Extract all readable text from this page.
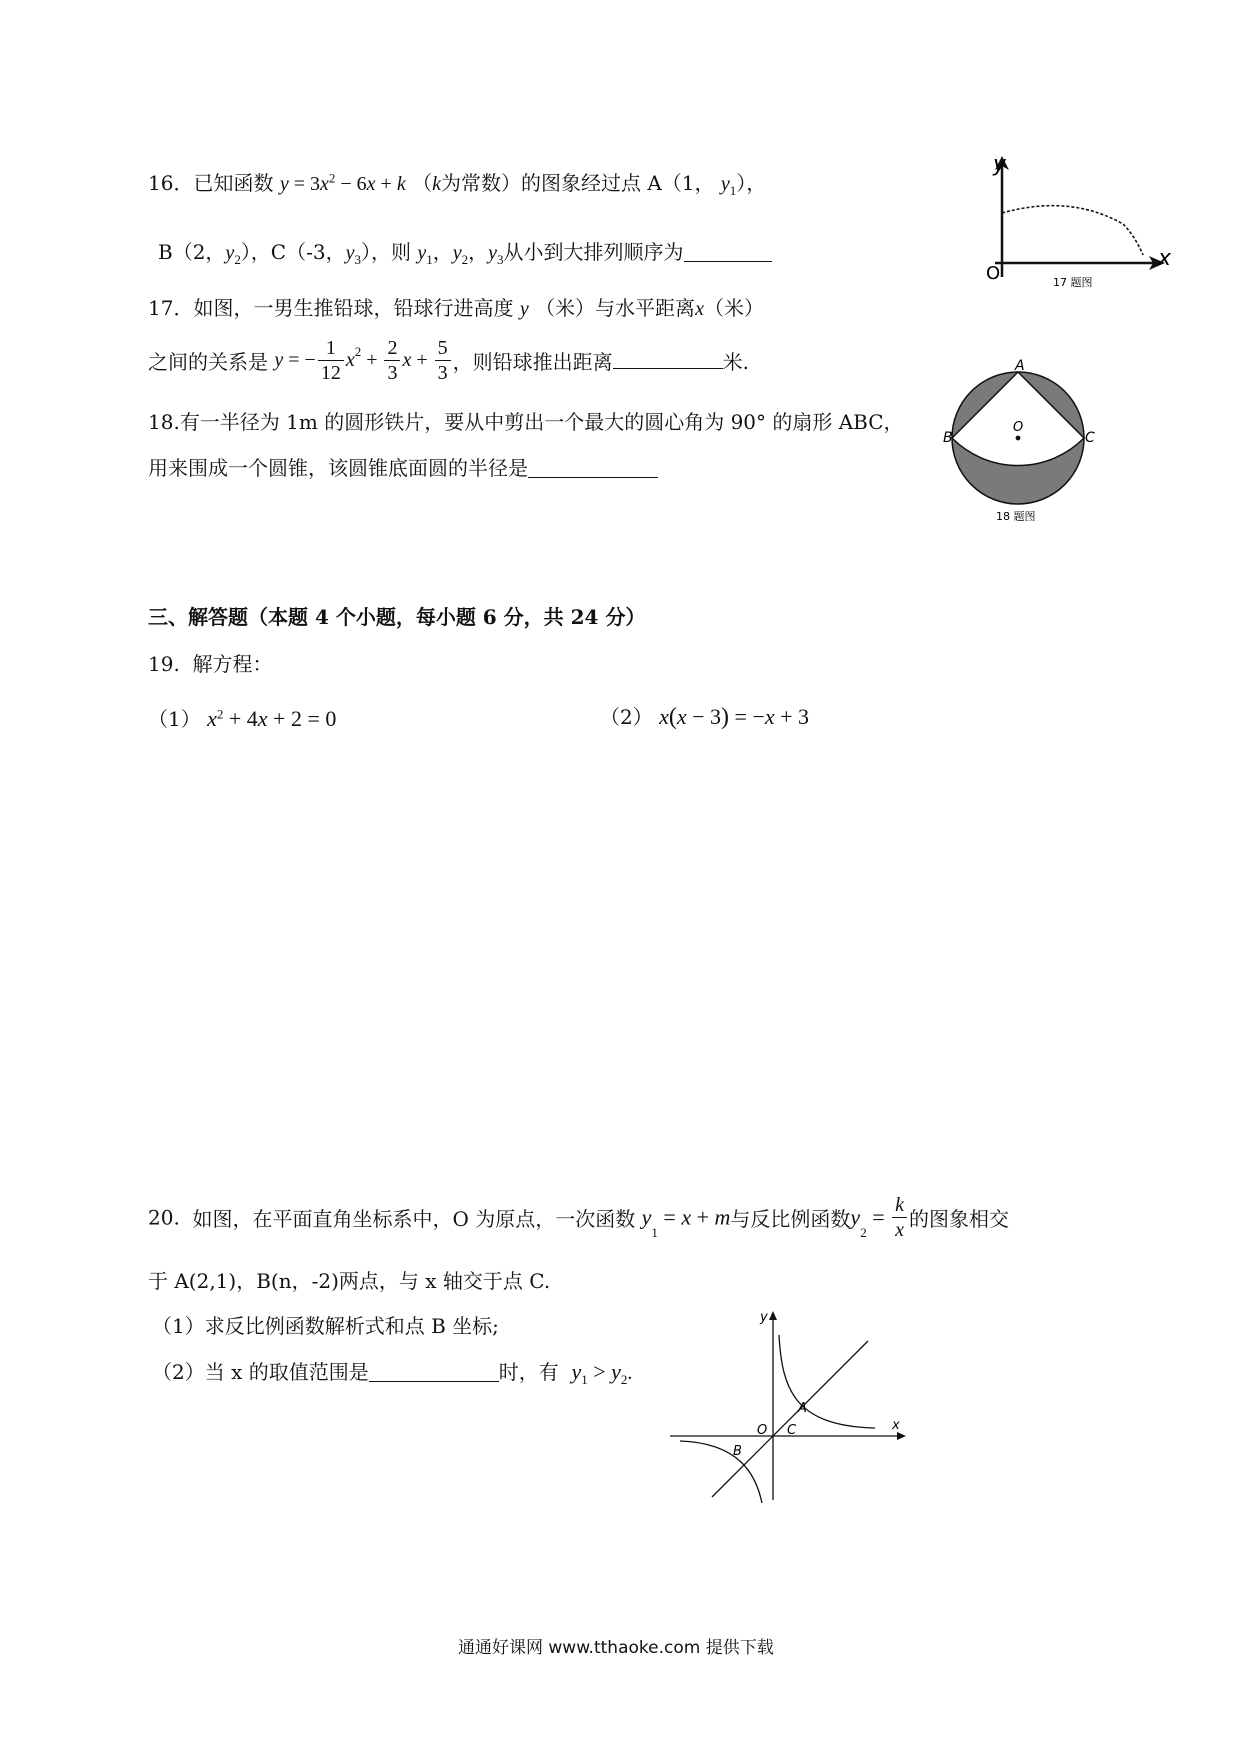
16．已知函数 $y = 3x^2 - 6x + k$ （k为常数）的图象经过点 A（1， $y_1$），
B（2，$y_2$），C（-3，$y_3$），则 $y_1$，$y_2$，$y_3$从小到大排列顺序为
17．如图，一男生推铅球，铅球行进高度 y （米）与水平距离x（米）
之间的关系是 y = − $\frac{1}{12} x^2 + \frac{2}{3}$ $x + \frac{5}{3}$ ，则铅球推出距离	米.
18.有一半径为 1m 的圆形铁片，要从中剪出一个最大的圆心角为 90° 的扇形 ABC，
用来围成一个圆锥，该圆锥底面圆的半径是
x
y
O	17 题图
A
B	C
O
18 题图
三、解答题（本题 4 个小题，每小题 6 分，共 24 分）
19. 解方程：
（1） $x^2 + 4x + 2 = 0$	（2） x(x − 3) = −x + 3
20. 如图，在平面直角坐标系中，O 为原点，一次函数 $y_1 = x + m$与反比例函数$y_2 = \frac{k}{x}$ 的图象相交
于 A(2,1)，B(n，-2)两点，与 x 轴交于点 C.
（1）求反比例函数解析式和点 B 坐标;
（2）当 x 的取值范围是	时，有 $y_1 > y_2$.
x
y
O
A
B
C
通通好课网 www.tthaoke.com 提供下载
